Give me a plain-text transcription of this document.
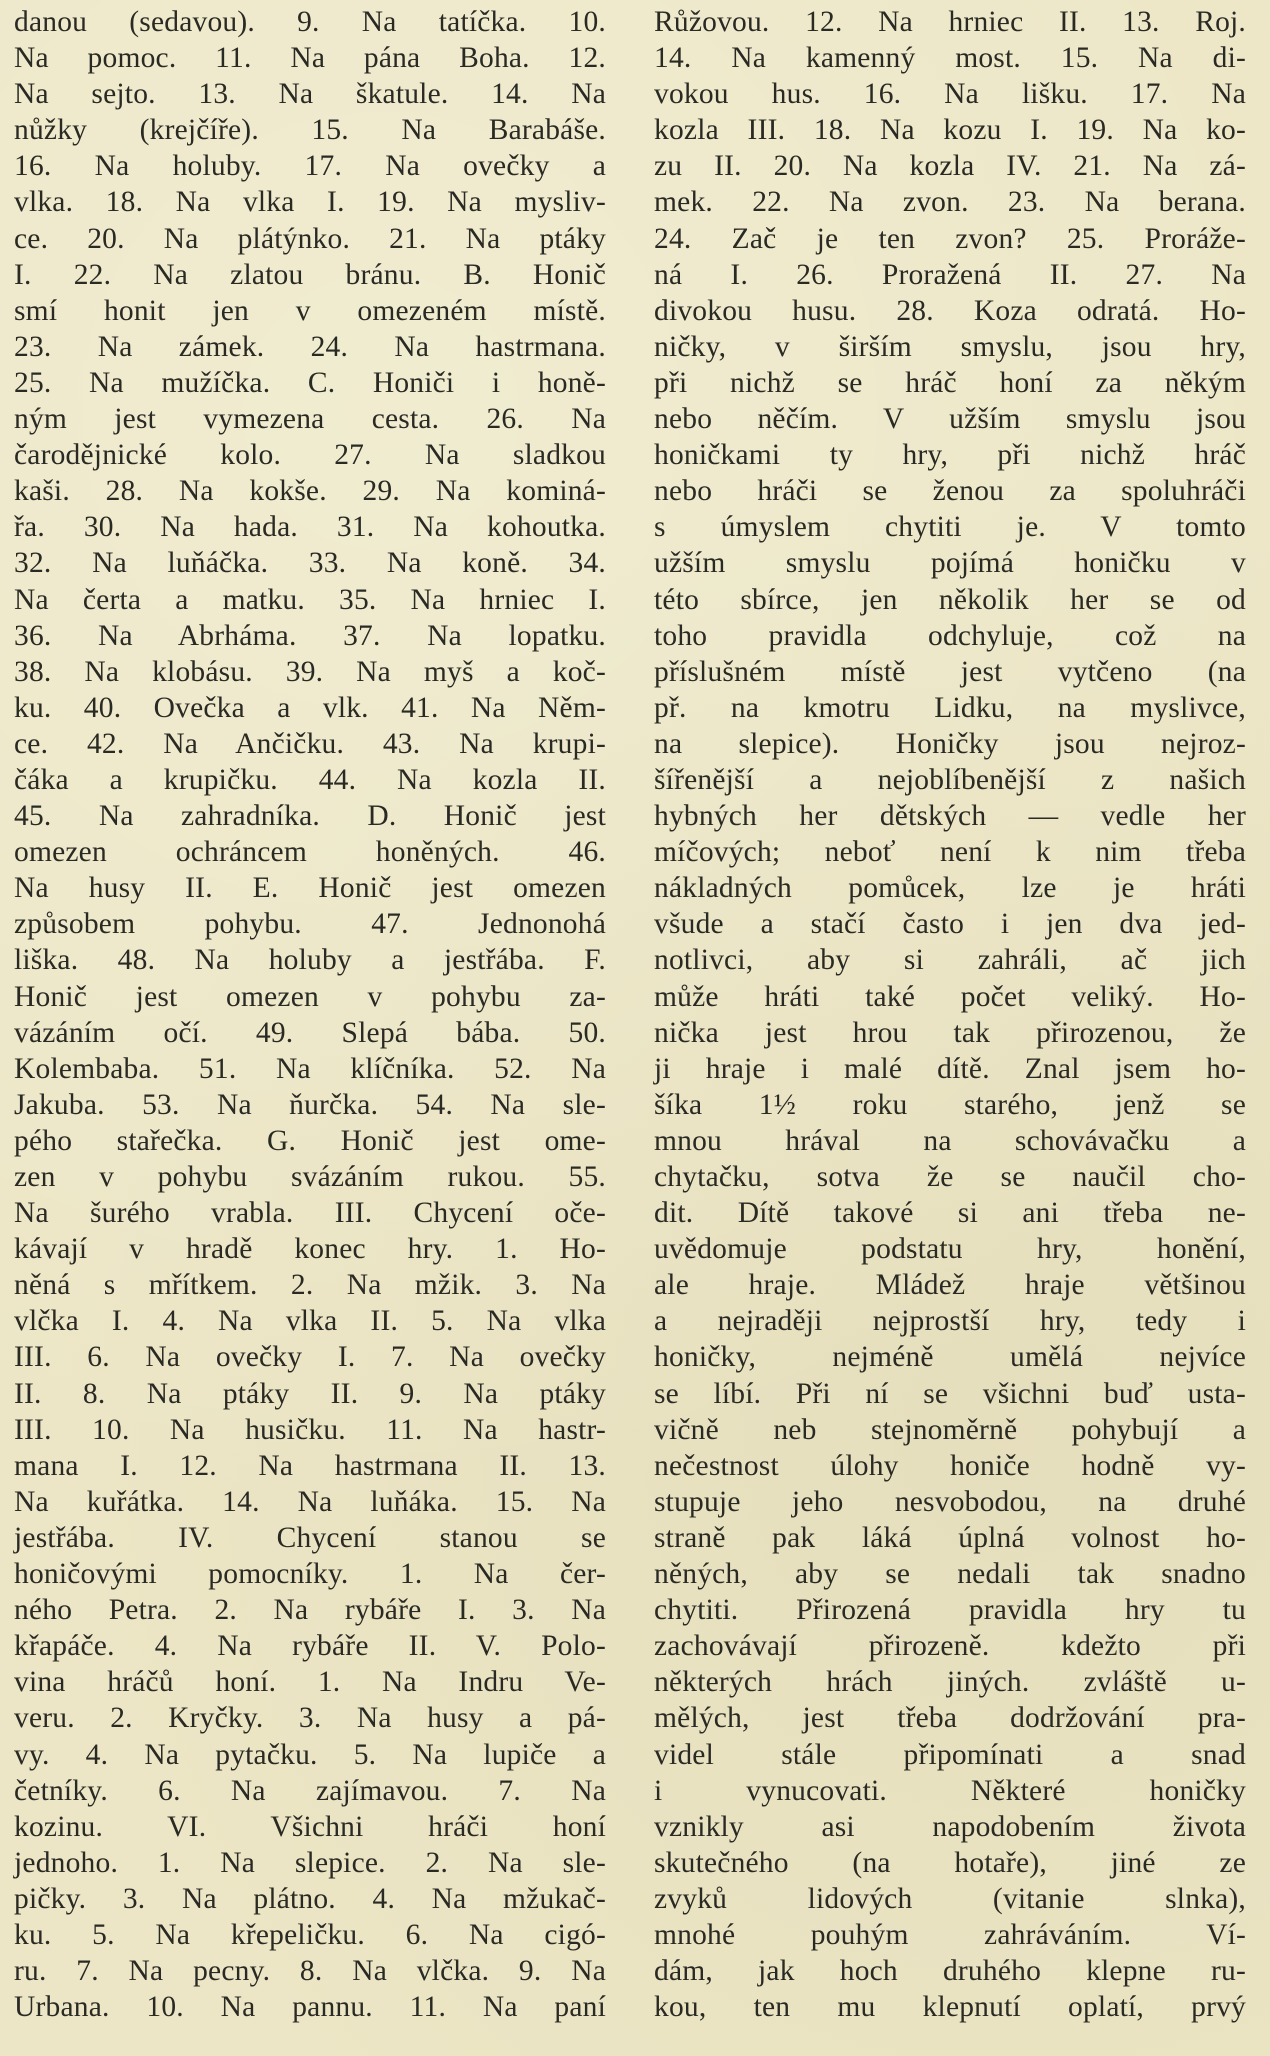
danou (sedavou). 9. Na tatíčka. 10.
Na pomoc. 11. Na pána Boha. 12.
Na sejto. 13. Na škatule. 14. Na
nůžky (krejčíře). 15. Na Barabáše.
16. Na holuby. 17. Na ovečky a
vlka. 18. Na vlka I. 19. Na mysliv-
ce. 20. Na plátýnko. 21. Na ptáky
I. 22. Na zlatou bránu. B. Honič
smí honit jen v omezeném místě.
23. Na zámek. 24. Na hastrmana.
25. Na mužíčka. C. Honiči i honě-
ným jest vymezena cesta. 26. Na
čarodějnické kolo. 27. Na sladkou
kaši. 28. Na kokše. 29. Na kominá-
řa. 30. Na hada. 31. Na kohoutka.
32. Na luňáčka. 33. Na koně. 34.
Na čerta a matku. 35. Na hrniec I.
36. Na Abrháma. 37. Na lopatku.
38. Na klobásu. 39. Na myš a koč-
ku. 40. Ovečka a vlk. 41. Na Něm-
ce. 42. Na Ančičku. 43. Na krupi-
čáka a krupičku. 44. Na kozla II.
45. Na zahradníka. D. Honič jest
omezen ochráncem honěných. 46.
Na husy II. E. Honič jest omezen
způsobem pohybu. 47. Jednonohá
liška. 48. Na holuby a jestřába. F.
Honič jest omezen v pohybu za-
vázáním očí. 49. Slepá bába. 50.
Kolembaba. 51. Na klíčníka. 52. Na
Jakuba. 53. Na ňurčka. 54. Na sle-
pého stařečka. G. Honič jest ome-
zen v pohybu svázáním rukou. 55.
Na šurého vrabla. III. Chycení oče-
kávají v hradě konec hry. 1. Ho-
něná s mřítkem. 2. Na mžik. 3. Na
vlčka I. 4. Na vlka II. 5. Na vlka
III. 6. Na ovečky I. 7. Na ovečky
II. 8. Na ptáky II. 9. Na ptáky
III. 10. Na husičku. 11. Na hastr-
mana I. 12. Na hastrmana II. 13.
Na kuřátka. 14. Na luňáka. 15. Na
jestřába. IV. Chycení stanou se
honičovými pomocníky. 1. Na čer-
ného Petra. 2. Na rybáře I. 3. Na
křapáče. 4. Na rybáře II. V. Polo-
vina hráčů honí. 1. Na Indru Ve-
veru. 2. Kryčky. 3. Na husy a pá-
vy. 4. Na pytačku. 5. Na lupiče a
četníky. 6. Na zajímavou. 7. Na
kozinu. VI. Všichni hráči honí
jednoho. 1. Na slepice. 2. Na sle-
pičky. 3. Na plátno. 4. Na mžukač-
ku. 5. Na křepeličku. 6. Na cigó-
ru. 7. Na pecny. 8. Na vlčka. 9. Na
Urbana. 10. Na pannu. 11. Na paní
Růžovou. 12. Na hrniec II. 13. Roj.
14. Na kamenný most. 15. Na di-
vokou hus. 16. Na lišku. 17. Na
kozla III. 18. Na kozu I. 19. Na ko-
zu II. 20. Na kozla IV. 21. Na zá-
mek. 22. Na zvon. 23. Na berana.
24. Zač je ten zvon? 25. Proráže-
ná I. 26. Proražená II. 27. Na
divokou husu. 28. Koza odratá. Ho-
ničky, v širším smyslu, jsou hry,
při nichž se hráč honí za někým
nebo něčím. V užším smyslu jsou
honičkami ty hry, při nichž hráč
nebo hráči se ženou za spoluhráči
s úmyslem chytiti je. V tomto
užším smyslu pojímá honičku v
této sbírce, jen několik her se od
toho pravidla odchyluje, což na
příslušném místě jest vytčeno (na
př. na kmotru Lidku, na myslivce,
na slepice). Honičky jsou nejroz-
šířenější a nejoblíbenější z našich
hybných her dětských — vedle her
míčových; neboť není k nim třeba
nákladných pomůcek, lze je hráti
všude a stačí často i jen dva jed-
notlivci, aby si zahráli, ač jich
může hráti také počet veliký. Ho-
nička jest hrou tak přirozenou, že
ji hraje i malé dítě. Znal jsem ho-
šíka 1½ roku starého, jenž se
mnou hrával na schovávačku a
chytačku, sotva že se naučil cho-
dit. Dítě takové si ani třeba ne-
uvědomuje podstatu hry, honění,
ale hraje. Mládež hraje většinou
a nejraději nejprostší hry, tedy i
honičky, nejméně umělá nejvíce
se líbí. Při ní se všichni buď usta-
vičně neb stejnoměrně pohybují a
nečestnost úlohy honiče hodně vy-
stupuje jeho nesvobodou, na druhé
straně pak láká úplná volnost ho-
něných, aby se nedali tak snadno
chytiti. Přirozená pravidla hry tu
zachovávají přirozeně. kdežto při
některých hrách jiných. zvláště u-
mělých, jest třeba dodržování pra-
videl stále připomínati a snad
i vynucovati. Některé honičky
vznikly asi napodobením života
skutečného (na hotaře), jiné ze
zvyků lidových (vitanie slnka),
mnohé pouhým zahráváním. Ví-
dám, jak hoch druhého klepne ru-
kou, ten mu klepnutí oplatí, prvý
